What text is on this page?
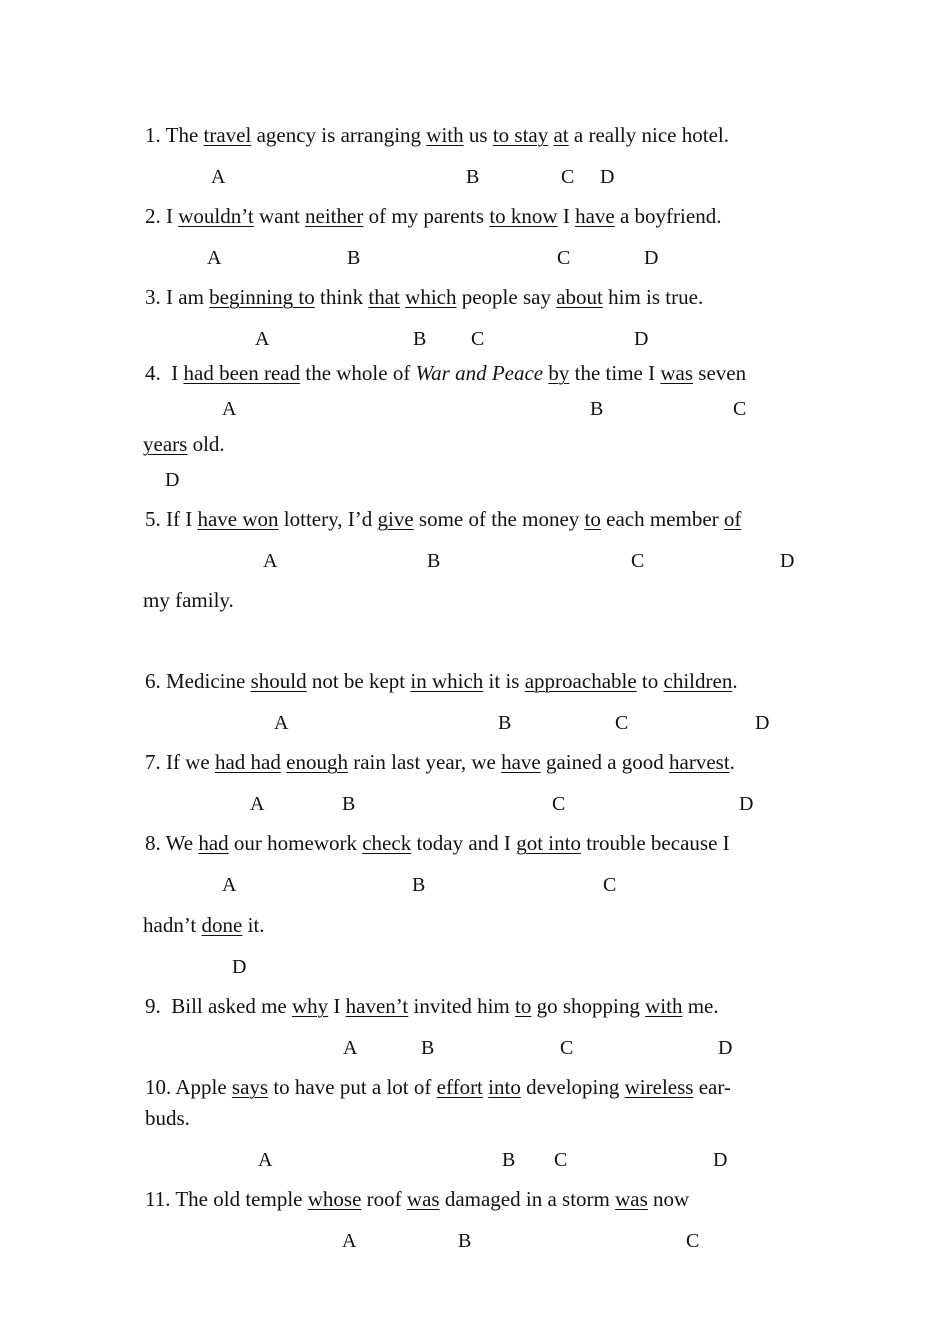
1. The travel agency is arranging with us to stay at a really nice hotel.
A	B	C D
2. I wouldn’t want neither of my parents to know I have a boyfriend.
A	B	C	D
3. I am beginning to think that which people say about him is true.
A	B C	D
4.  I had been read the whole of War and Peace by the time I was seven
years old.
A	B	C
D
5. If I have won lottery, I’d give some of the money to each member of
my family.
A	B	C	D
6. Medicine should not be kept in which it is approachable to children.
A	B	C	D
7. If we had had enough rain last year, we have gained a good harvest.
A	B	C	D
8. We had our homework check today and I got into trouble because I
hadn’t done it.
A	B	C
D
9.  Bill asked me why I haven’t invited him to go shopping with me.
A	B	C	D
10. Apple says to have put a lot of effort into developing wireless ear-
buds.
A	B C	D
11. The old temple whose roof was damaged in a storm was now
A	B	C
